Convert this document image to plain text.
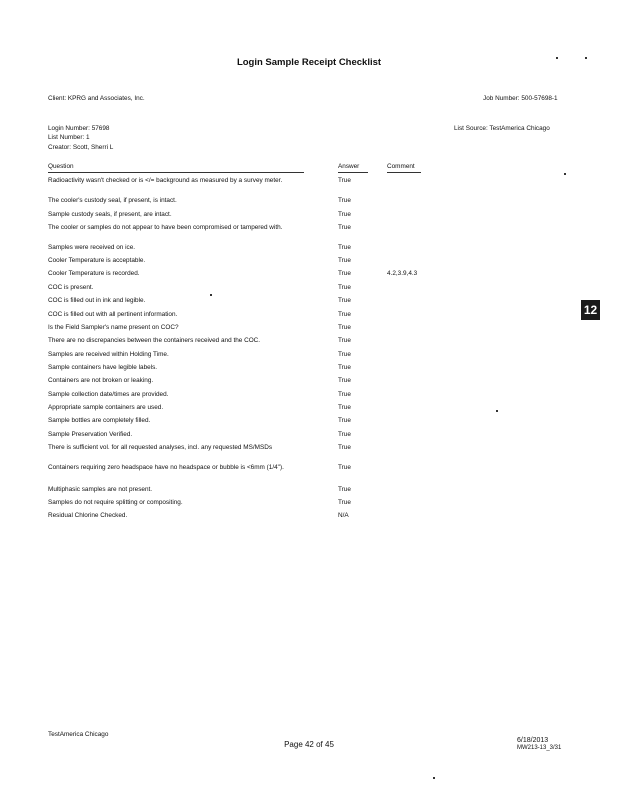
Login Sample Receipt Checklist
Client: KPRG and Associates, Inc.	Job Number: 500-57698-1
Login Number: 57698
List Number: 1
Creator: Scott, Sherri L
List Source: TestAmerica Chicago
Question	Answer	Comment
Radioactivity wasn't checked or is </= background as measured by a survey meter.	True
The cooler's custody seal, if present, is intact.	True
Sample custody seals, if present, are intact.	True
The cooler or samples do not appear to have been compromised or tampered with.	True
Samples were received on ice.	True
Cooler Temperature is acceptable.	True
Cooler Temperature is recorded.	True	4.2,3.9,4.3
COC is present.	True
COC is filled out in ink and legible.	True
COC is filled out with all pertinent information.	True
Is the Field Sampler's name present on COC?	True
There are no discrepancies between the containers received and the COC.	True
Samples are received within Holding Time.	True
Sample containers have legible labels.	True
Containers are not broken or leaking.	True
Sample collection date/times are provided.	True
Appropriate sample containers are used.	True
Sample bottles are completely filled.	True
Sample Preservation Verified.	True
There is sufficient vol. for all requested analyses, incl. any requested MS/MSDs	True
Containers requiring zero headspace have no headspace or bubble is <6mm (1/4").	True
Multiphasic samples are not present.	True
Samples do not require splitting or compositing.	True
Residual Chlorine Checked.	N/A
12
TestAmerica Chicago
Page 42 of 45	6/18/2013
MW213-13_3/31
